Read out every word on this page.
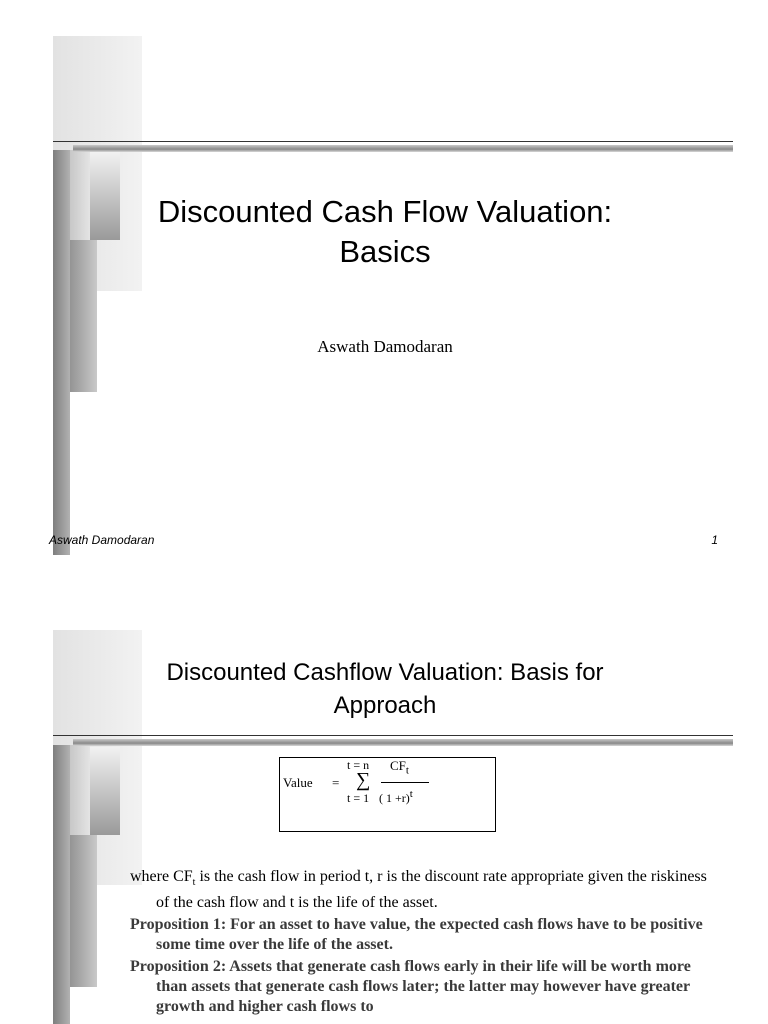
Discounted Cash Flow Valuation:
Basics
Aswath Damodaran
Aswath Damodaran	1
Discounted Cashflow Valuation: Basis for
Approach
Value =
t = n
∑
t = 1
$CF_t$
( 1 +r)$^t$

where $CF_t$ is the cash flow in period t, r is the discount rate appropriate given the riskiness of the cash flow and t is the life of the asset.

Proposition 1: For an asset to have value, the expected cash flows have to be positive some time over the life of the asset.

Proposition 2: Assets that generate cash flows early in their life will be worth more than assets that generate cash flows later; the latter may however have greater growth and higher cash flows to
